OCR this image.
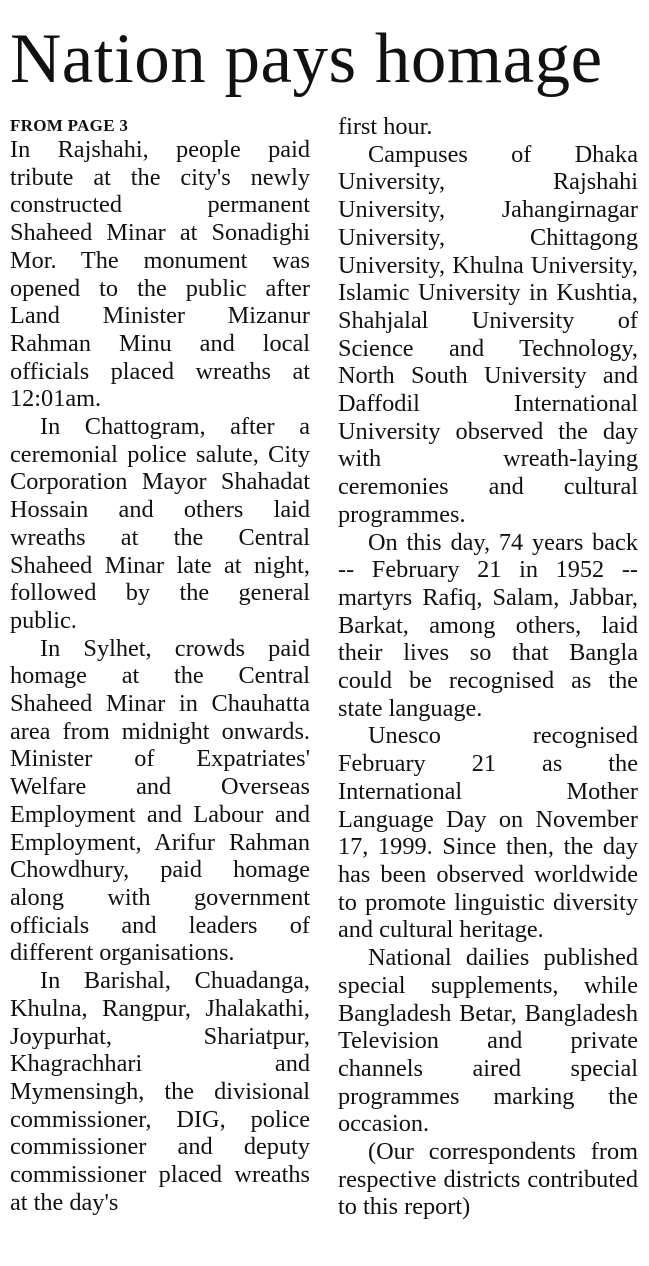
Nation pays homage
FROM PAGE 3

In Rajshahi, people paid tribute at the city's newly constructed permanent Shaheed Minar at Sonadighi Mor. The monument was opened to the public after Land Minister Mizanur Rahman Minu and local officials placed wreaths at 12:01am.

In Chattogram, after a ceremonial police salute, City Corporation Mayor Shahadat Hossain and others laid wreaths at the Central Shaheed Minar late at night, followed by the general public.

In Sylhet, crowds paid homage at the Central Shaheed Minar in Chauhatta area from midnight onwards. Minister of Expatriates' Welfare and Overseas Employment and Labour and Employment, Arifur Rahman Chowdhury, paid homage along with government officials and leaders of different organisations.

In Barishal, Chuadanga, Khulna, Rangpur, Jhalakathi, Joypurhat, Shariatpur, Khagrachhari and Mymensingh, the divisional commissioner, DIG, police commissioner and deputy commissioner placed wreaths at the day's

first hour.

Campuses of Dhaka University, Rajshahi University, Jahangirnagar University, Chittagong University, Khulna University, Islamic University in Kushtia, Shahjalal University of Science and Technology, North South University and Daffodil International University observed the day with wreath-laying ceremonies and cultural programmes.

On this day, 74 years back -- February 21 in 1952 -- martyrs Rafiq, Salam, Jabbar, Barkat, among others, laid their lives so that Bangla could be recognised as the state language.

Unesco recognised February 21 as the International Mother Language Day on November 17, 1999. Since then, the day has been observed worldwide to promote linguistic diversity and cultural heritage.

National dailies published special supplements, while Bangladesh Betar, Bangladesh Television and private channels aired special programmes marking the occasion.

(Our correspondents from respective districts contributed to this report)
